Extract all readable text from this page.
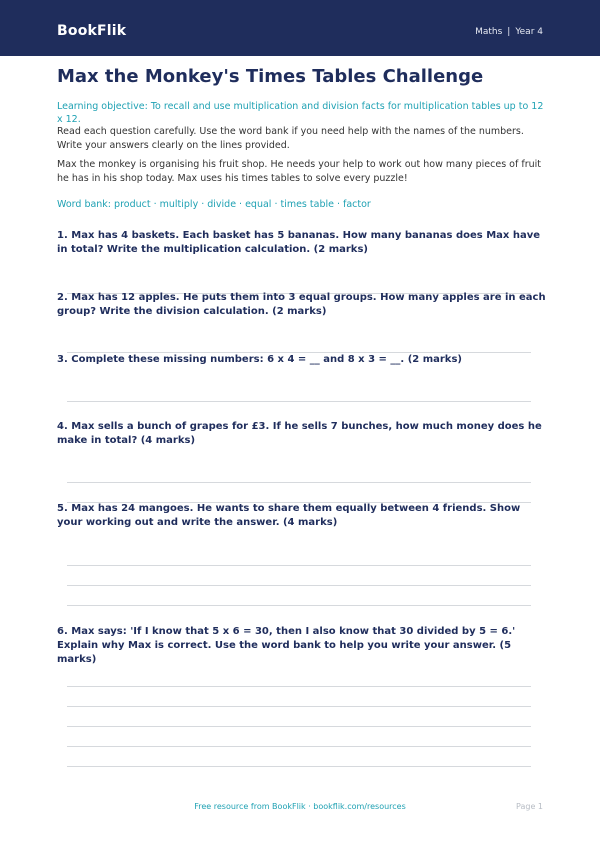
BookFlik	Maths | Year 4
Max the Monkey's Times Tables Challenge
Learning objective: To recall and use multiplication and division facts for multiplication tables up to 12 x 12.

Read each question carefully. Use the word bank if you need help with the names of the numbers. Write your answers clearly on the lines provided.

Max the monkey is organising his fruit shop. He needs your help to work out how many pieces of fruit he has in his shop today. Max uses his times tables to solve every puzzle!

Word bank: product · multiply · divide · equal · times table · factor

1. Max has 4 baskets. Each basket has 5 bananas. How many bananas does Max have in total? Write the multiplication calculation. (2 marks)

2. Max has 12 apples. He puts them into 3 equal groups. How many apples are in each group? Write the division calculation. (2 marks)

3. Complete these missing numbers: 6 x 4 = __ and 8 x 3 = __. (2 marks)

4. Max sells a bunch of grapes for £3. If he sells 7 bunches, how much money does he make in total? (4 marks)

5. Max has 24 mangoes. He wants to share them equally between 4 friends. Show your working out and write the answer. (4 marks)

6. Max says: 'If I know that 5 x 6 = 30, then I also know that 30 divided by 5 = 6.' Explain why Max is correct. Use the word bank to help you write your answer. (5 marks)

Free resource from BookFlik · bookflik.com/resources	Page 1
